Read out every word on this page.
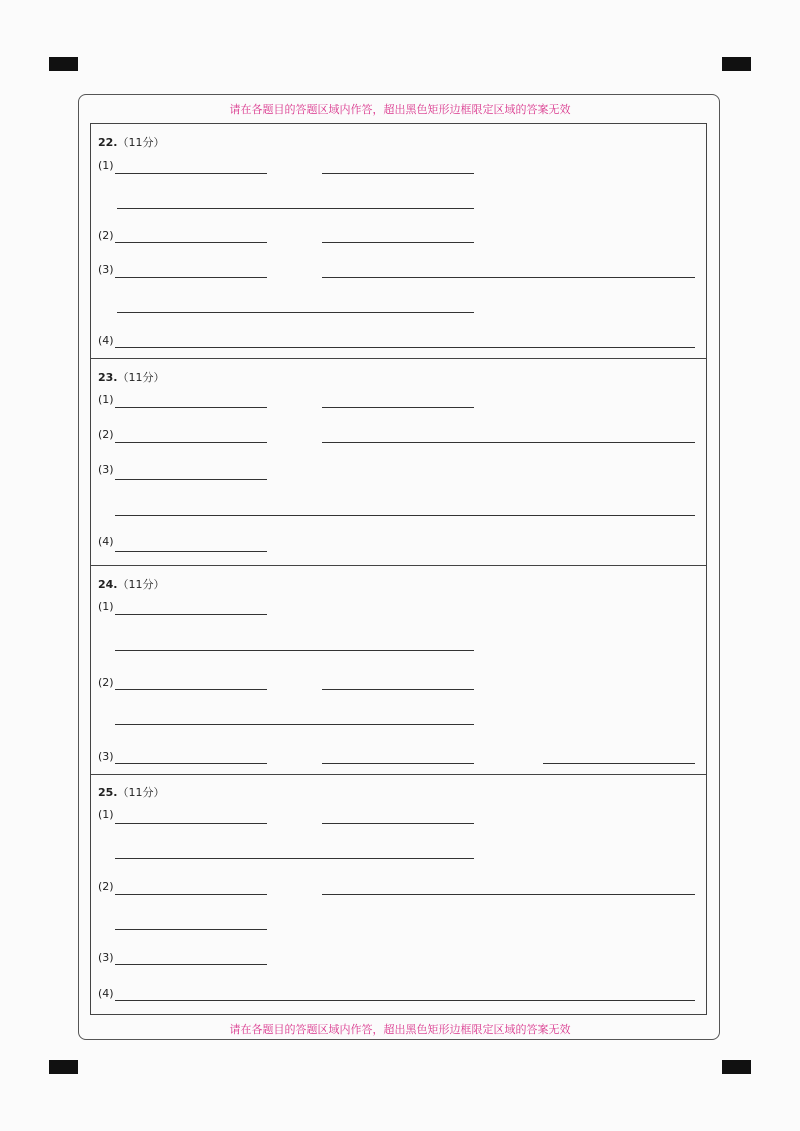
请在各题目的答题区域内作答，超出黑色矩形边框限定区域的答案无效
请在各题目的答题区域内作答，超出黑色矩形边框限定区域的答案无效
22.（11分）
(1)
(2)
(3)
(4)
23.（11分）
(1)
(2)
(3)
(4)
24.（11分）
(1)
(2)
(3)
25.（11分）
(1)
(2)
(3)
(4)
